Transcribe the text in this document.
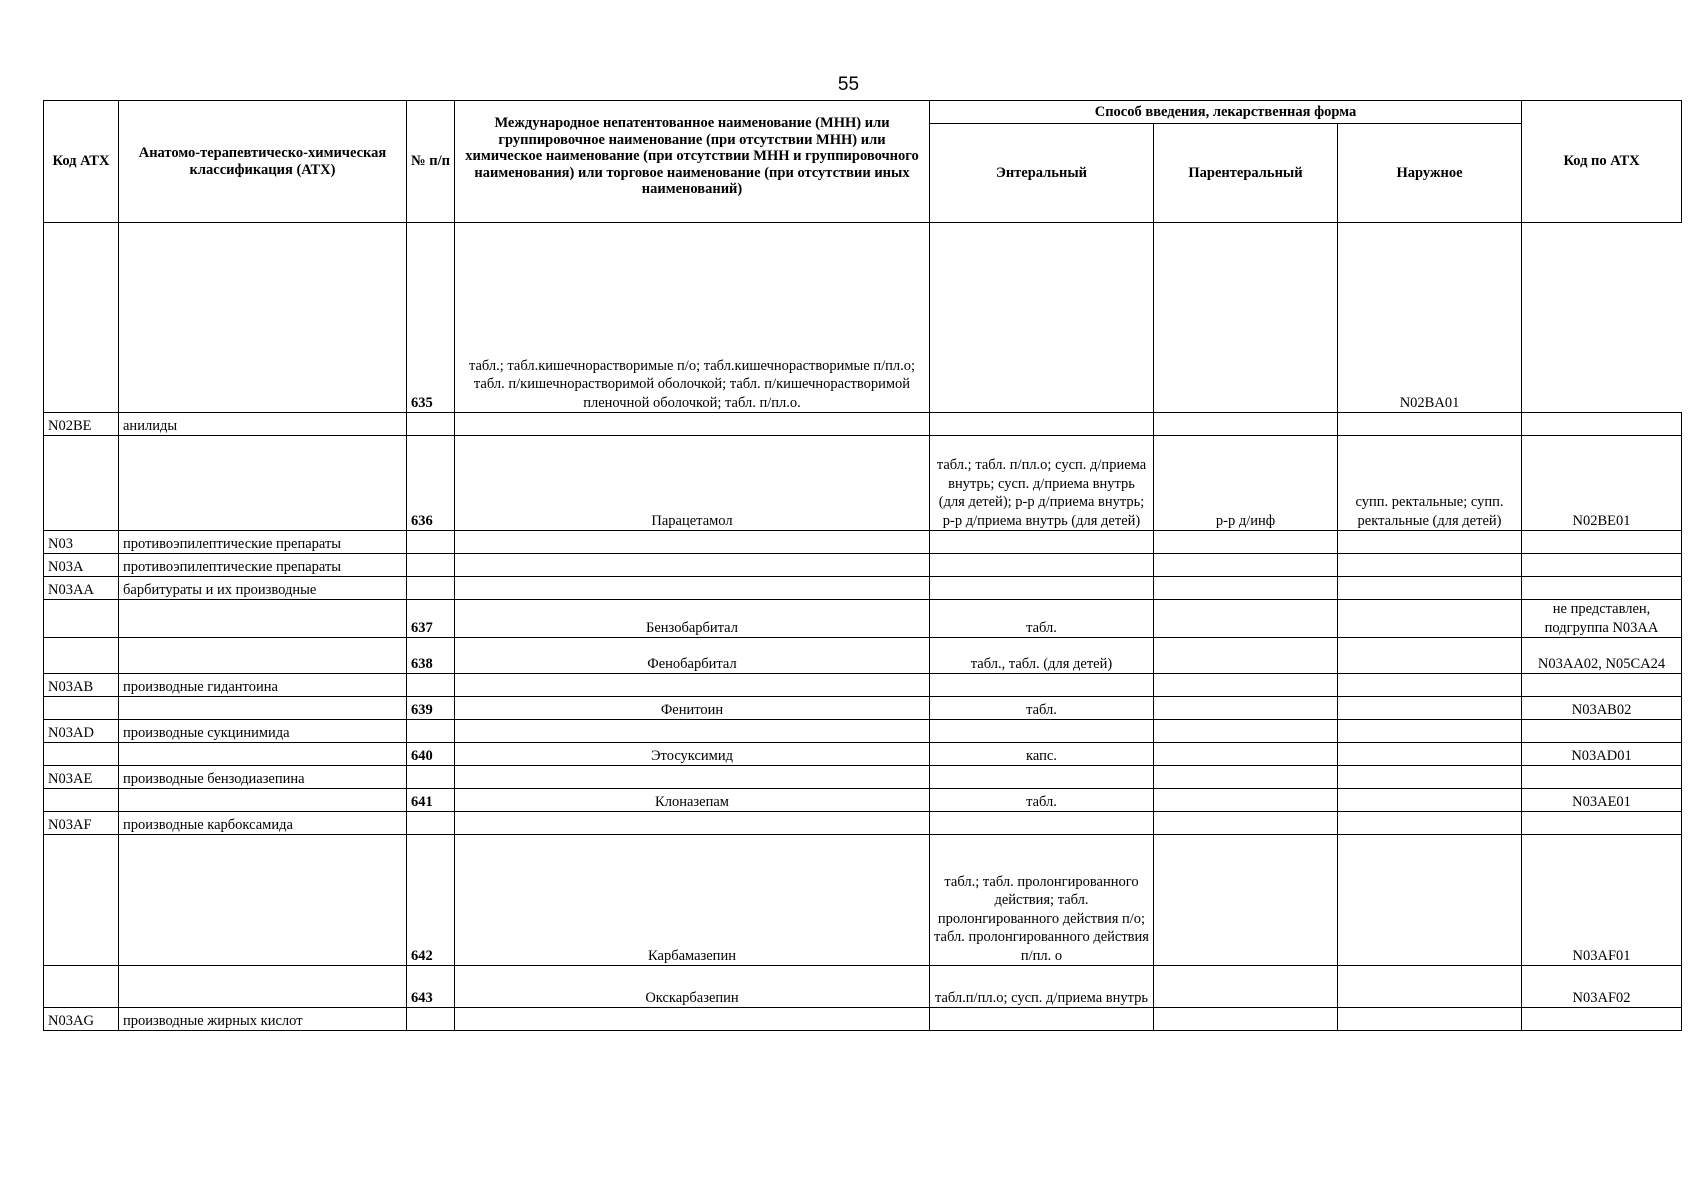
55
Код АТХ	Анатомо-терапевтическо-химическая классификация (АТХ)	№ п/п	Международное непатентованное наименование (МНН) или группировочное наименование (при отсутствии МНН) или химическое наименование (при отсутствии МНН и группировочного наименования) или торговое наименование (при отсутствии иных наименований)	Способ введения, лекарственная форма			Код по АТХ
				Энтеральный	Парентеральный	Наружное	
		635	табл.; табл.кишечнорастворимые п/о; табл.кишечнорастворимые п/пл.о; табл. п/кишечнорастворимой оболочкой; табл. п/кишечнорастворимой пленочной оболочкой; табл. п/пл.о.			N02BA01	
N02BE	анилиды						
		636	Парацетамол	табл.; табл. п/пл.о; сусп. д/приема внутрь; сусп. д/приема внутрь (для детей); р-р д/приема внутрь; р-р д/приема внутрь (для детей)	р-р д/инф	супп. ректальные; супп. ректальные (для детей)	N02BE01
N03	противоэпилептические препараты						
N03A	противоэпилептические препараты						
N03AA	барбитураты и их производные						
		637	Бензобарбитал	табл.			не представлен, подгруппа N03AA
		638	Фенобарбитал	табл., табл. (для детей)			N03AA02, N05CA24
N03AB	производные гидантоина						
		639	Фенитоин	табл.			N03AB02
N03AD	производные сукцинимида						
		640	Этосуксимид	капс.			N03AD01
N03AE	производные бензодиазепина						
		641	Клоназепам	табл.			N03AE01
N03AF	производные карбоксамида						
		642	Карбамазепин	табл.; табл. пролонгированного действия; табл. пролонгированного действия п/о; табл. пролонгированного действия п/пл. о			N03AF01
		643	Окскарбазепин	табл.п/пл.о; сусп. д/приема внутрь			N03AF02
N03AG	производные жирных кислот						
